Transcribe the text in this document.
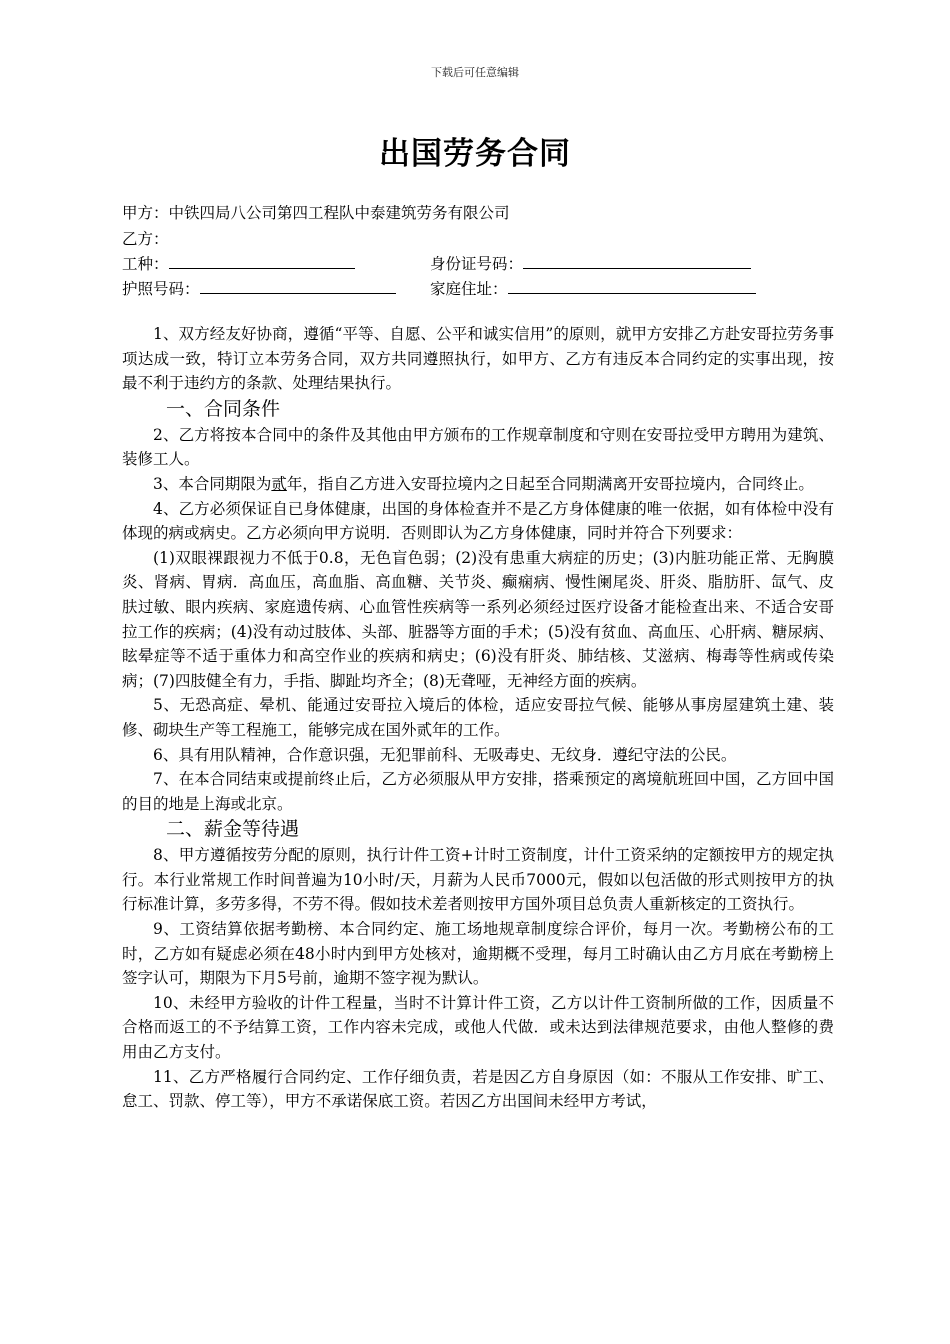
下载后可任意编辑
出国劳务合同
甲方：中铁四局八公司第四工程队中泰建筑劳务有限公司
乙方：
工种：	身份证号码：
护照号码：	家庭住址：

1、双方经友好协商，遵循“平等、自愿、公平和诚实信用”的原则，就甲方安排乙方赴安哥拉劳务事项达成一致，特订立本劳务合同，双方共同遵照执行，如甲方、乙方有违反本合同约定的实事出现，按最不利于违约方的条款、处理结果执行。

一、合同条件

2、乙方将按本合同中的条件及其他由甲方颁布的工作规章制度和守则在安哥拉受甲方聘用为建筑、装修工人。

3、本合同期限为贰年，指自乙方进入安哥拉境内之日起至合同期满离开安哥拉境内，合同终止。

4、乙方必须保证自已身体健康，出国的身体检查并不是乙方身体健康的唯一依据，如有体检中没有体现的病或病史。乙方必须向甲方说明．否则即认为乙方身体健康，同时并符合下列要求：

(1)双眼裸跟视力不低于0.8，无色盲色弱；(2)没有患重大病症的历史；(3)内脏功能正常、无胸膜炎、肾病、胃病．高血压，高血脂、高血糖、关节炎、癫痫病、慢性阑尾炎、肝炎、脂肪肝、氙气、皮肤过敏、眼内疾病、家庭遗传病、心血管性疾病等一系列必须经过医疗设备才能检查出来、不适合安哥拉工作的疾病；(4)没有动过肢体、头部、脏器等方面的手术；(5)没有贫血、高血压、心肝病、糖尿病、眩晕症等不适于重体力和高空作业的疾病和病史；(6)没有肝炎、肺结核、艾滋病、梅毒等性病或传染病；(7)四肢健全有力，手指、脚趾均齐全；(8)无聋哑，无神经方面的疾病。

5、无恐高症、晕机、能通过安哥拉入境后的体检，适应安哥拉气候、能够从事房屋建筑土建、装修、砌块生产等工程施工，能够完成在国外贰年的工作。

6、具有用队精神，合作意识强，无犯罪前科、无吸毒史、无纹身．遵纪守法的公民。

7、在本合同结束或提前终止后，乙方必须服从甲方安排，搭乘预定的离境航班回中国，乙方回中国的目的地是上海或北京。

二、薪金等待遇

8、甲方遵循按劳分配的原则，执行计件工资+计时工资制度，计什工资采纳的定额按甲方的规定执行。本行业常规工作时间普遍为10小时/天，月薪为人民币7000元，假如以包活做的形式则按甲方的执行标准计算，多劳多得，不劳不得。假如技术差者则按甲方国外项目总负责人重新核定的工资执行。

9、工资结算依据考勤榜、本合同约定、施工场地规章制度综合评价，每月一次。考勤榜公布的工时，乙方如有疑虑必须在48小时内到甲方处核对，逾期概不受理，每月工时确认由乙方月底在考勤榜上签字认可，期限为下月5号前，逾期不签字视为默认。

10、未经甲方验收的计件工程量，当时不计算计件工资，乙方以计件工资制所做的工作，因质量不合格而返工的不予结算工资，工作内容未完成，或他人代做．或未达到法律规范要求，由他人整修的费用由乙方支付。

11、乙方严格履行合同约定、工作仔细负责，若是因乙方自身原因（如：不服从工作安排、旷工、怠工、罚款、停工等），甲方不承诺保底工资。若因乙方出国间未经甲方考试，
